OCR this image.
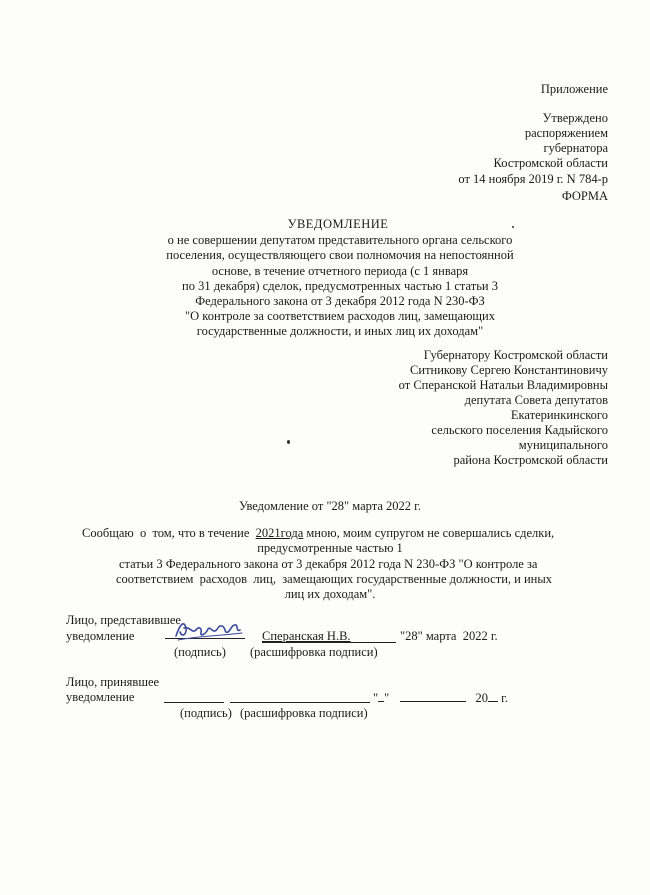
Приложение
Утверждено
распоряжением
губернатора
Костромской области
от 14 ноября 2019 г. N 784-р
ФОРМА
УВЕДОМЛЕНИЕ
о не совершении депутатом представительного органа сельского
поселения, осуществляющего свои полномочия на непостоянной
основе, в течение отчетного периода (с 1 января
по 31 декабря) сделок, предусмотренных частью 1 статьи 3
Федерального закона от 3 декабря 2012 года N 230-ФЗ
"О контроле за соответствием расходов лиц, замещающих
государственные должности, и иных лиц их доходам"
Губернатору Костромской области
Ситникову Сергею Константиновичу
от Сперанской Натальи Владимировны
депутата Совета депутатов
Екатеринкинского
сельского поселения Кадыйского
муниципального
района Костромской области
Уведомление от "28" марта 2022 г.
Сообщаю  о  том, что в течение  2021года мною, моим супругом не совершались сделки,
предусмотренные частью 1
статьи 3 Федерального закона от 3 декабря 2012 года N 230-ФЗ "О контроле за
соответствием  расходов  лиц,  замещающих государственные должности, и иных
лиц их доходам".
Лицо, представившее
уведомление	Сперанская Н.В.	"28" марта  2022 г.
(подпись) (расшифровка подписи)
Лицо, принявшее
уведомление	" "	20 г.
(подпись) (расшифровка подписи)
